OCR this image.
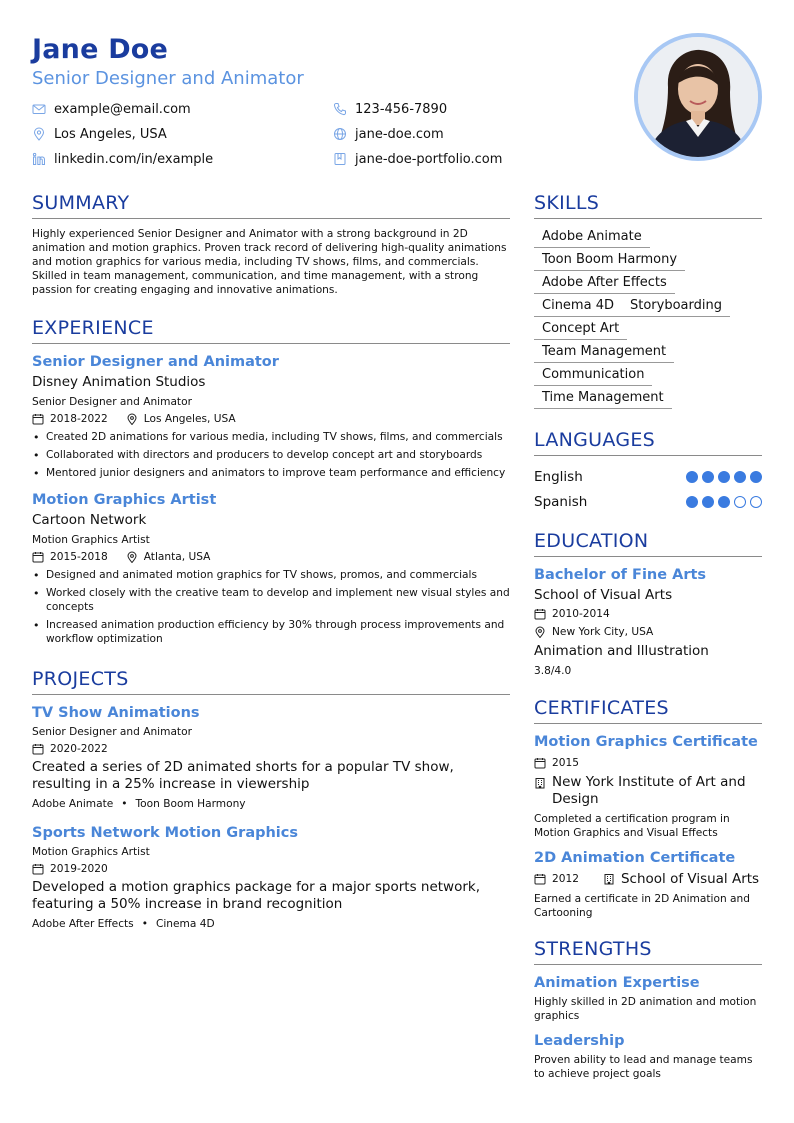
Jane Doe
Senior Designer and Animator
example@email.com	123-456-7890
Los Angeles, USA	jane-doe.com
linkedin.com/in/example	jane-doe-portfolio.com
SUMMARY
Highly experienced Senior Designer and Animator with a strong background in 2D animation and motion graphics. Proven track record of delivering high-quality animations and motion graphics for various media, including TV shows, films, and commercials. Skilled in team management, communication, and time management, with a strong passion for creating engaging and innovative animations.
EXPERIENCE
Senior Designer and Animator
Disney Animation Studios
Senior Designer and Animator
2018-2022	Los Angeles, USA
• Created 2D animations for various media, including TV shows, films, and commercials
• Collaborated with directors and producers to develop concept art and storyboards
• Mentored junior designers and animators to improve team performance and efficiency
Motion Graphics Artist
Cartoon Network
Motion Graphics Artist
2015-2018	Atlanta, USA
• Designed and animated motion graphics for TV shows, promos, and commercials
• Worked closely with the creative team to develop and implement new visual styles and concepts
• Increased animation production efficiency by 30% through process improvements and workflow optimization
PROJECTS
TV Show Animations
Senior Designer and Animator
2020-2022
Created a series of 2D animated shorts for a popular TV show, resulting in a 25% increase in viewership
Adobe Animate • Toon Boom Harmony
Sports Network Motion Graphics
Motion Graphics Artist
2019-2020
Developed a motion graphics package for a major sports network, featuring a 50% increase in brand recognition
Adobe After Effects • Cinema 4D
SKILLS
Adobe Animate
Toon Boom Harmony
Adobe After Effects
Cinema 4D	Storyboarding
Concept Art
Team Management
Communication
Time Management
LANGUAGES
English
Spanish
EDUCATION
Bachelor of Fine Arts
School of Visual Arts
2010-2014
New York City, USA
Animation and Illustration
3.8/4.0
CERTIFICATES
Motion Graphics Certificate
2015
New York Institute of Art and Design
Completed a certification program in Motion Graphics and Visual Effects
2D Animation Certificate
2012	School of Visual Arts
Earned a certificate in 2D Animation and Cartooning
STRENGTHS
Animation Expertise
Highly skilled in 2D animation and motion graphics
Leadership
Proven ability to lead and manage teams to achieve project goals
